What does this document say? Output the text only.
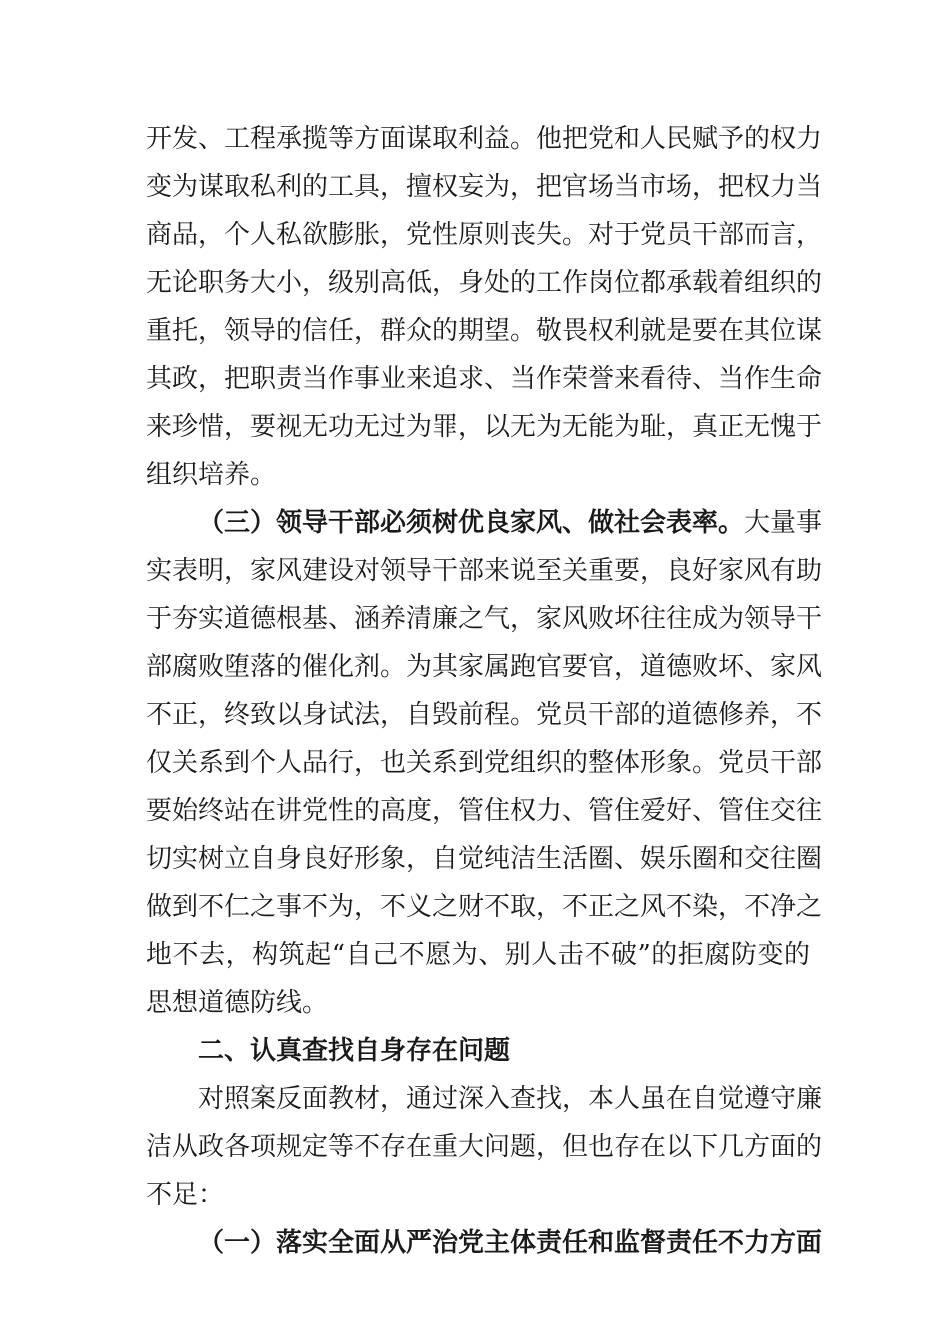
开发、工程承揽等方面谋取利益。他把党和人民赋予的权力
变为谋取私利的工具，擅权妄为，把官场当市场，把权力当
商品，个人私欲膨胀，党性原则丧失。对于党员干部而言，
无论职务大小，级别高低，身处的工作岗位都承载着组织的
重托，领导的信任，群众的期望。敬畏权利就是要在其位谋
其政，把职责当作事业来追求、当作荣誉来看待、当作生命
来珍惜，要视无功无过为罪，以无为无能为耻，真正无愧于
组织培养。
（三）领导干部必须树优良家风、做社会表率。大量事
实表明，家风建设对领导干部来说至关重要，良好家风有助
于夯实道德根基、涵养清廉之气，家风败坏往往成为领导干
部腐败堕落的催化剂。为其家属跑官要官，道德败坏、家风
不正，终致以身试法，自毁前程。党员干部的道德修养，不
仅关系到个人品行，也关系到党组织的整体形象。党员干部
要始终站在讲党性的高度，管住权力、管住爱好、管住交往
切实树立自身良好形象，自觉纯洁生活圈、娱乐圈和交往圈
做到不仁之事不为，不义之财不取，不正之风不染，不净之
地不去，构筑起“自己不愿为、别人击不破”的拒腐防变的
思想道德防线。
二、认真查找自身存在问题
对照案反面教材，通过深入查找，本人虽在自觉遵守廉
洁从政各项规定等不存在重大问题，但也存在以下几方面的
不足：
（一）落实全面从严治党主体责任和监督责任不力方面
